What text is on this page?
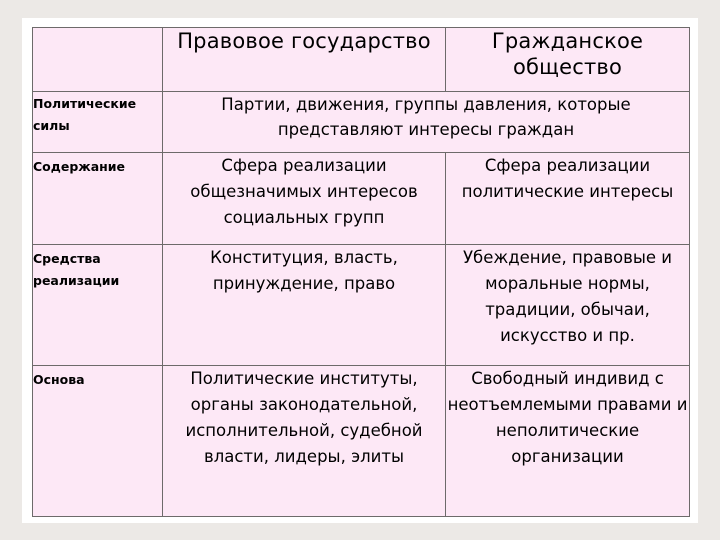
	Правовое государство	Гражданское общество
Политические силы	Партии, движения, группы давления, которые представляют интересы граждан	
Содержание	Сфера реализации общезначимых интересов социальных групп	Сфера реализации политические интересы
Средства реализации	Конституция, власть, принуждение, право	Убеждение, правовые и моральные нормы, традиции, обычаи, искусство и пр.
Основа	Политические институты, органы законодательной, исполнительной, судебной власти, лидеры, элиты	Свободный индивид с неотъемлемыми правами и неполитические организации
